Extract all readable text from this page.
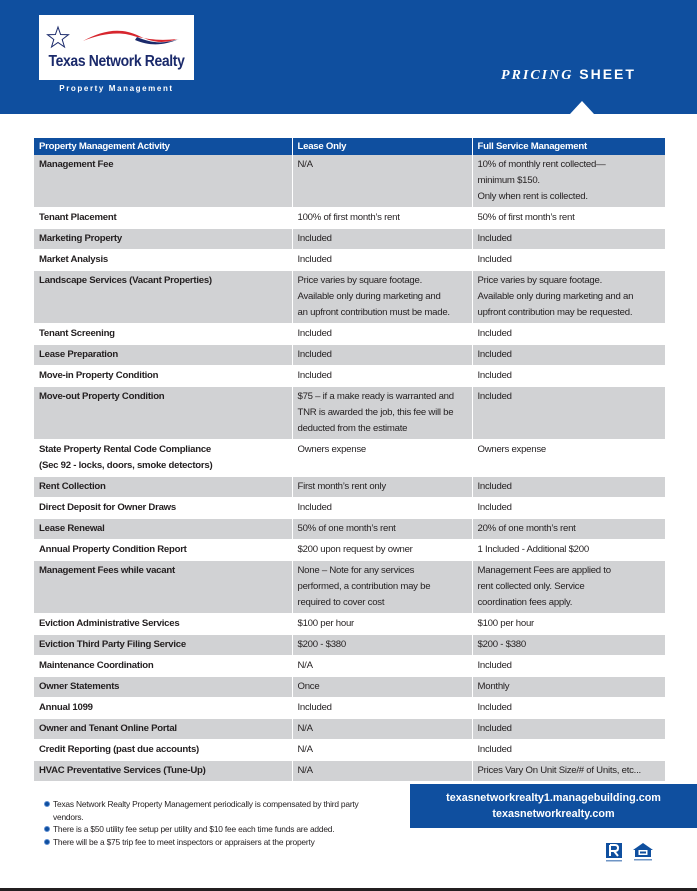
Texas Network Realty
Property Management
PRICING SHEET
Property Management Activity	Lease Only	Full Service Management

Management Fee	N/A	10% of monthly rent collected—
minimum $150.
Only when rent is collected.

Tenant Placement	100% of first month’s rent	50% of first month’s rent

Marketing Property	Included	Included

Market Analysis	Included	Included

Landscape Services (Vacant Properties)	Price varies by square footage.
Available only during marketing and
an upfront contribution must be made.

Price varies by square footage.
Available only during marketing and an
upfront contribution may be requested.

Tenant Screening	Included	Included

Lease Preparation	Included	Included

Move-in Property Condition	Included	Included

Move-out Property Condition	$75 – if a make ready is warranted and
TNR is awarded the job, this fee will be
deducted from the estimate

Included

State Property Rental Code Compliance
(Sec 92 - locks, doors, smoke detectors)

Owners expense	Owners expense

Rent Collection	First month’s rent only	Included

Direct Deposit for Owner Draws	Included	Included

Lease Renewal	50% of one month’s rent	20% of one month’s rent

Annual Property Condition Report	$200 upon request by owner	1 Included - Additional $200

Management Fees while vacant	None – Note for any services
performed, a contribution may be
required to cover cost

Management Fees are applied to
rent collected only. Service
coordination fees apply.

Eviction Administrative Services	$100 per hour	$100 per hour

Eviction Third Party Filing Service	$200 - $380	$200 - $380

Maintenance Coordination	N/A	Included

Owner Statements	Once	Monthly

Annual 1099	Included	Included

Owner and Tenant Online Portal	N/A	Included

Credit Reporting (past due accounts)	N/A	Included

HVAC Preventative Services (Tune-Up)	N/A	Prices Vary On Unit Size/# of Units, etc...
Texas Network Realty Property Management periodically is compensated by third party vendors.
There is a $50 utility fee setup per utility and $10 fee each time funds are added.
There will be a $75 trip fee to meet inspectors or appraisers at the property
texasnetworkrealty1.managebuilding.com
texasnetworkrealty.com
